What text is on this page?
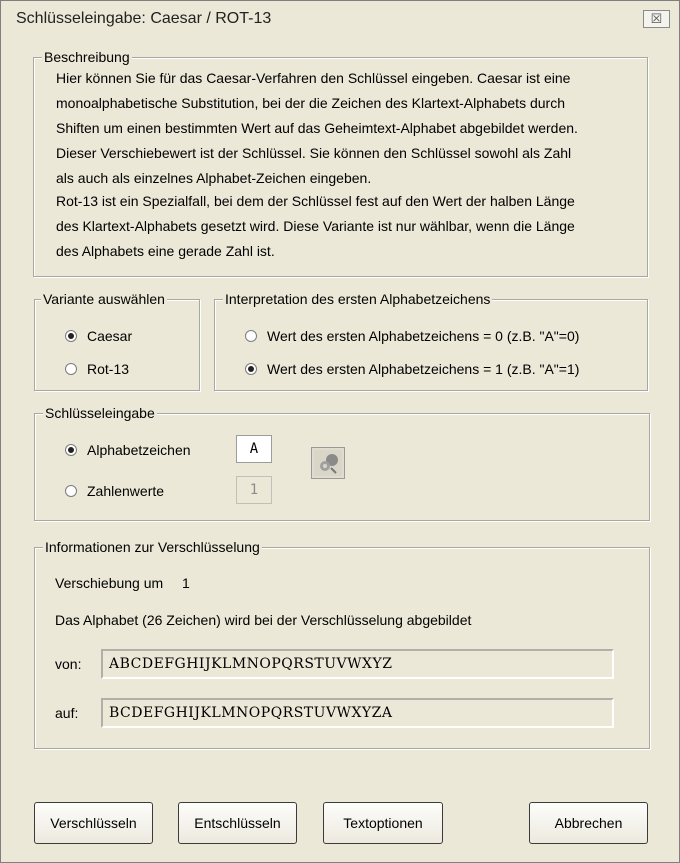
Schlüsseleingabe: Caesar / ROT-13	☒
Beschreibung
Hier können Sie für das Caesar-Verfahren den Schlüssel eingeben. Caesar ist eine
monoalphabetische Substitution, bei der die Zeichen des Klartext-Alphabets durch
Shiften um einen bestimmten Wert auf das Geheimtext-Alphabet abgebildet werden.
Dieser Verschiebewert ist der Schlüssel. Sie können den Schlüssel sowohl als Zahl
als auch als einzelnes Alphabet-Zeichen eingeben.
Rot-13 ist ein Spezialfall, bei dem der Schlüssel fest auf den Wert der halben Länge
des Klartext-Alphabets gesetzt wird. Diese Variante ist nur wählbar, wenn die Länge
des Alphabets eine gerade Zahl ist.
Variante auswählen
Caesar
Rot-13
Interpretation des ersten Alphabetzeichens
Wert des ersten Alphabetzeichens = 0 (z.B. "A"=0)
Wert des ersten Alphabetzeichens = 1 (z.B. "A"=1)
Schlüsseleingabe
Alphabetzeichen
Zahlenwerte
A
1
Informationen zur Verschlüsselung
Verschiebung um 1
Das Alphabet (26 Zeichen) wird bei der Verschlüsselung abgebildet
von:	ABCDEFGHIJKLMNOPQRSTUVWXYZ
auf:	BCDEFGHIJKLMNOPQRSTUVWXYZA
Verschlüsseln	Entschlüsseln	Textoptionen	Abbrechen
